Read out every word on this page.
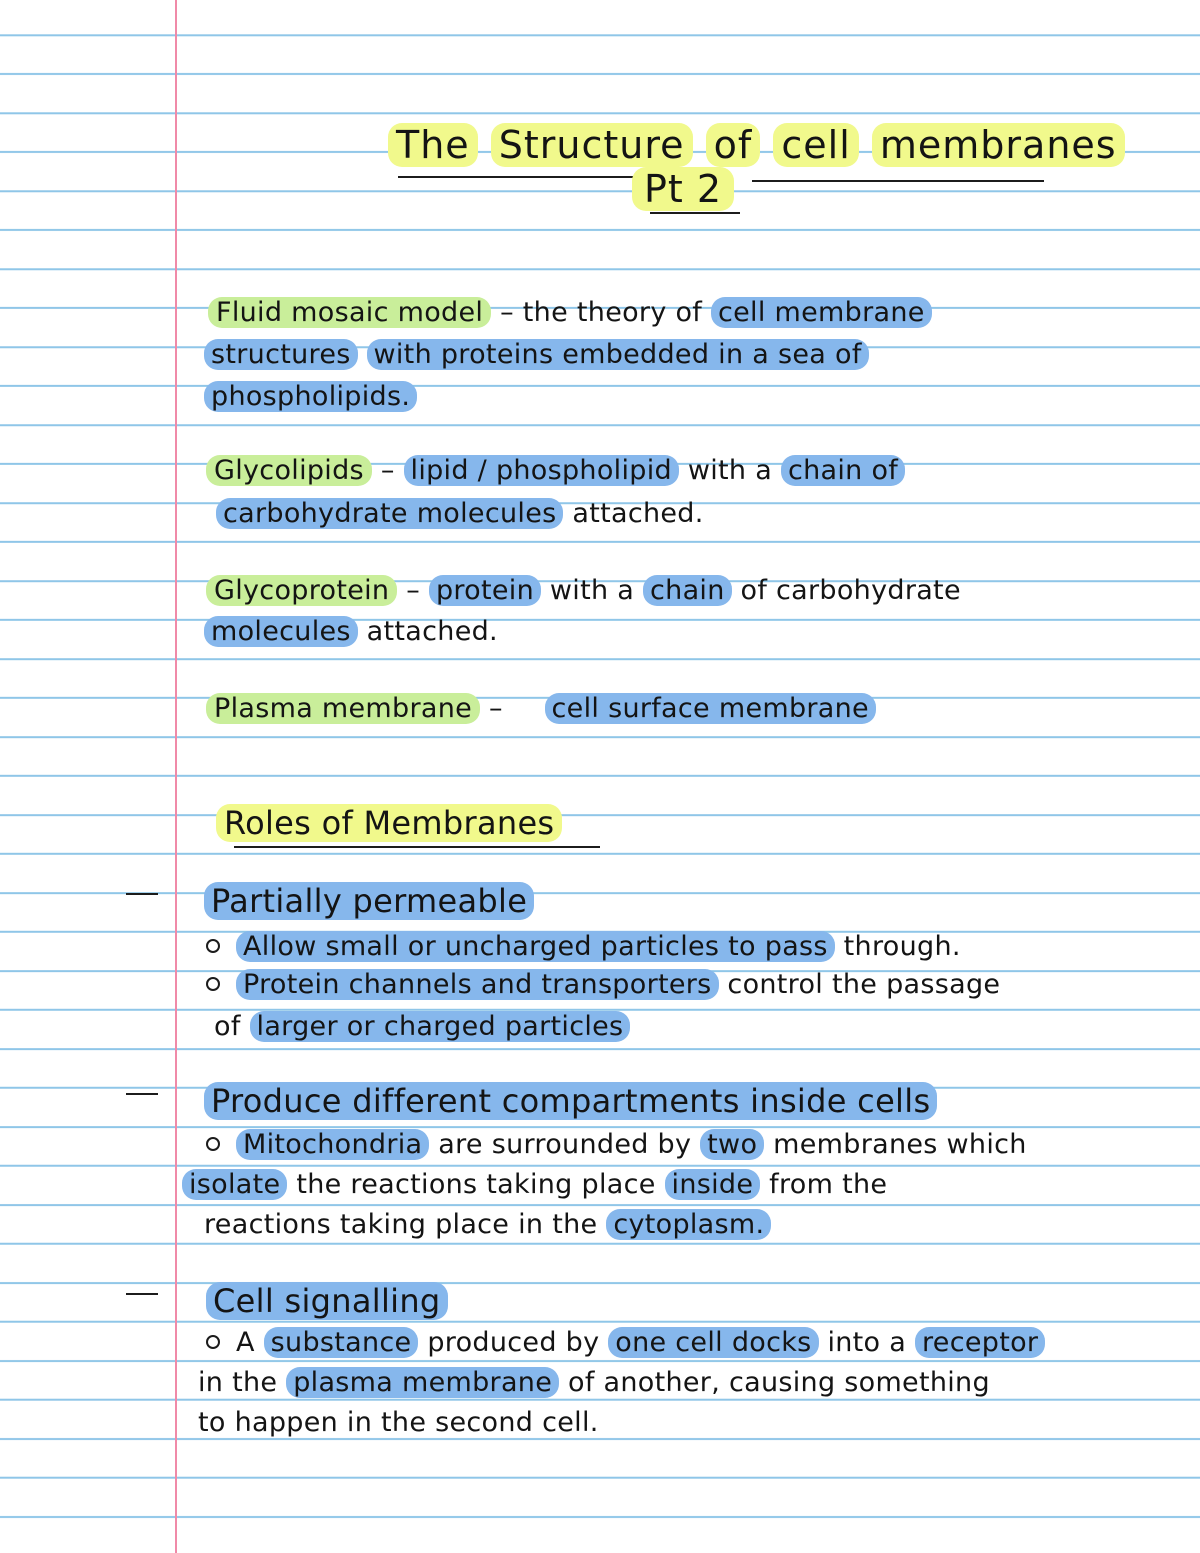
The Structure of cell membranes
Pt 2
Fluid mosaic model – the theory of cell membrane
structures with proteins embedded in a sea of
phospholipids.
Glycolipids – lipid / phospholipid with a chain of
carbohydrate molecules attached.
Glycoprotein – protein with a chain of carbohydrate
molecules attached.
Plasma membrane – cell surface membrane
Roles of Membranes
Partially permeable
Allow small or uncharged particles to pass through.
Protein channels and transporters control the passage
of larger or charged particles
Produce different compartments inside cells
Mitochondria are surrounded by two membranes which
isolate the reactions taking place inside from the
reactions taking place in the cytoplasm.
Cell signalling
A substance produced by one cell docks into a receptor
in the plasma membrane of another, causing something
to happen in the second cell.
